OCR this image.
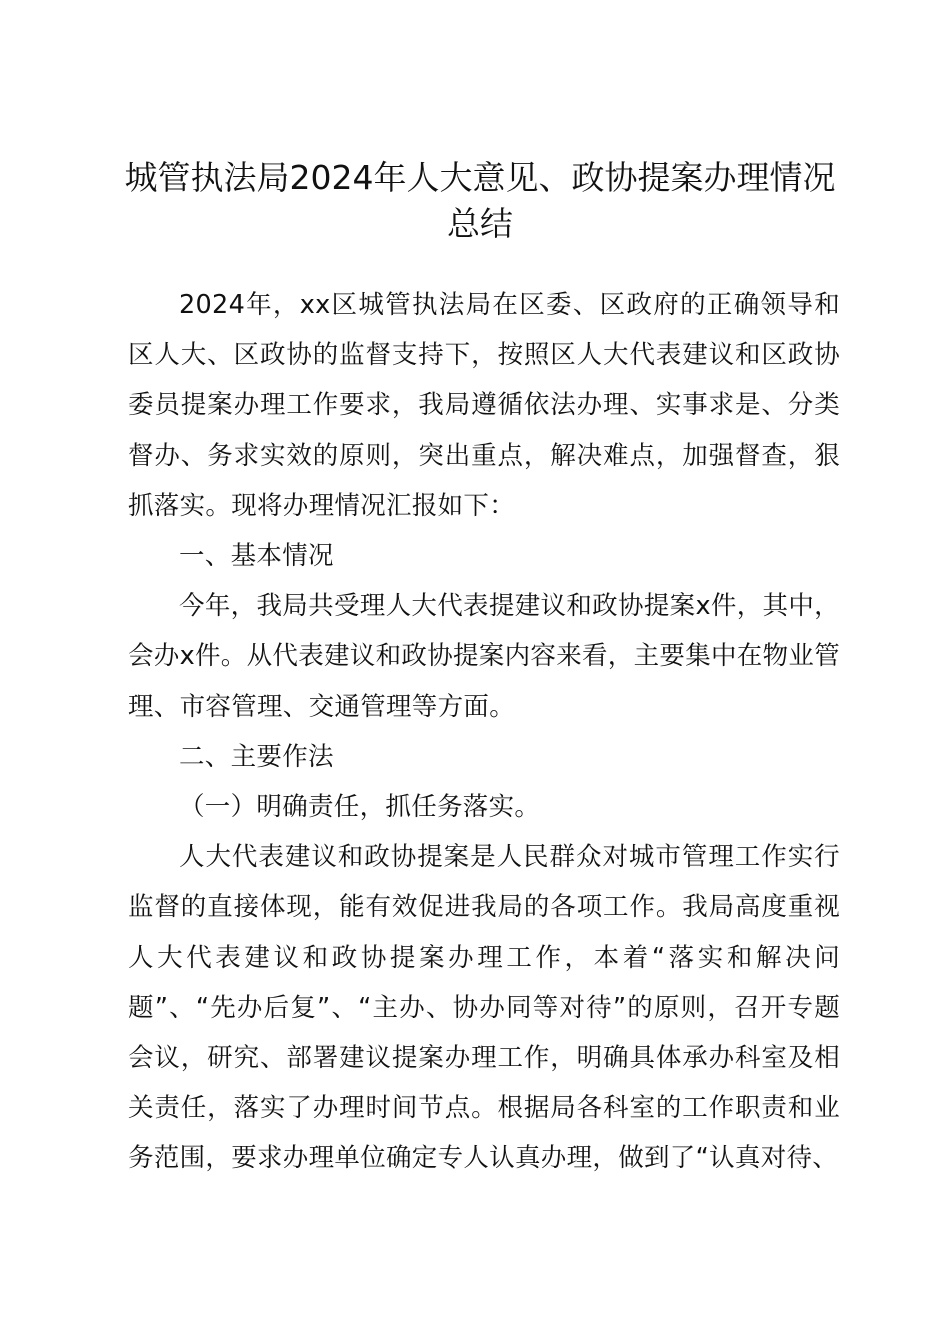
城管执法局2024年人大意见、政协提案办理情况总结

2024年，xx区城管执法局在区委、区政府的正确领导和区人大、区政协的监督支持下，按照区人大代表建议和区政协委员提案办理工作要求，我局遵循依法办理、实事求是、分类督办、务求实效的原则，突出重点，解决难点，加强督查，狠抓落实。现将办理情况汇报如下：

一、基本情况

今年，我局共受理人大代表提建议和政协提案x件，其中，会办x件。从代表建议和政协提案内容来看，主要集中在物业管理、市容管理、交通管理等方面。

二、主要作法

（一）明确责任，抓任务落实。

人大代表建议和政协提案是人民群众对城市管理工作实行监督的直接体现，能有效促进我局的各项工作。我局高度重视人大代表建议和政协提案办理工作，本着“落实和解决问题”、“先办后复”、“主办、协办同等对待”的原则，召开专题会议，研究、部署建议提案办理工作，明确具体承办科室及相关责任，落实了办理时间节点。根据局各科室的工作职责和业务范围，要求办理单位确定专人认真办理，做到了“认真对待、
